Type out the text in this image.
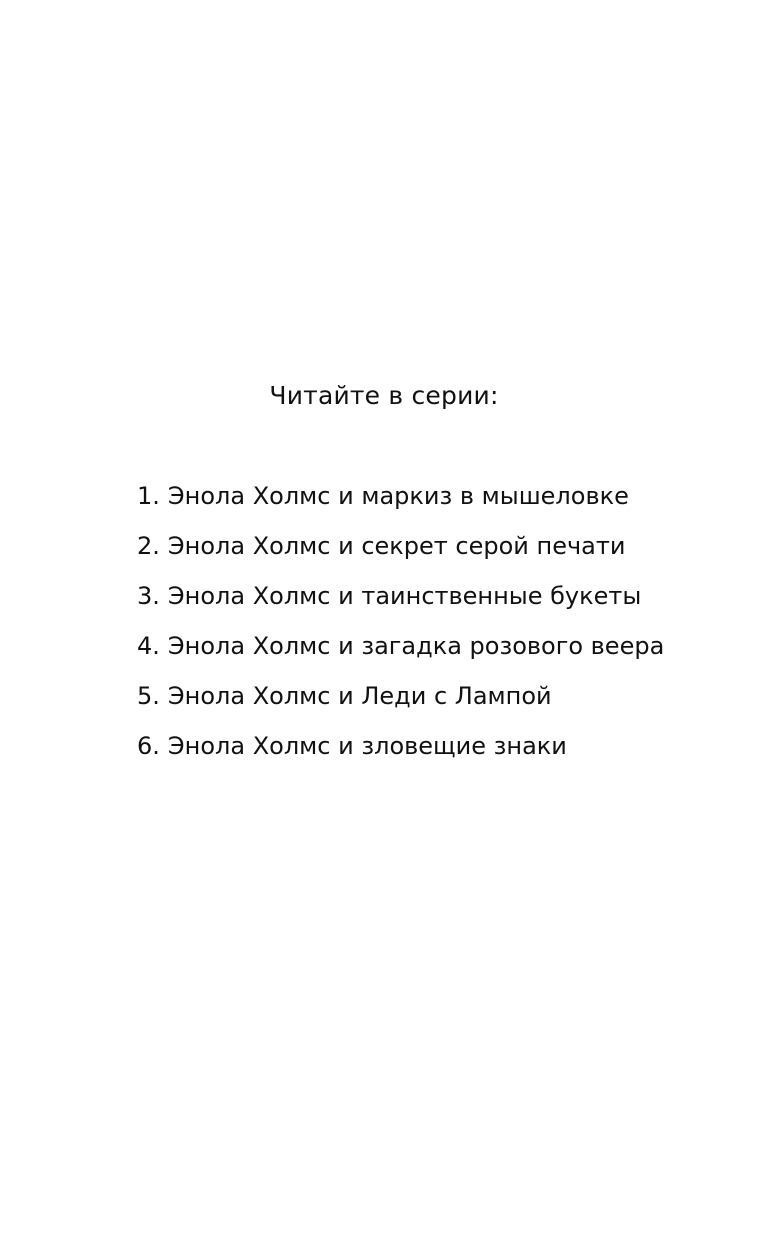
Читайте в серии:
1. Энола Холмс и маркиз в мышеловке
2. Энола Холмс и секрет серой печати
3. Энола Холмс и таинственные букеты
4. Энола Холмс и загадка розового веера
5. Энола Холмс и Леди с Лампой
6. Энола Холмс и зловещие знаки
